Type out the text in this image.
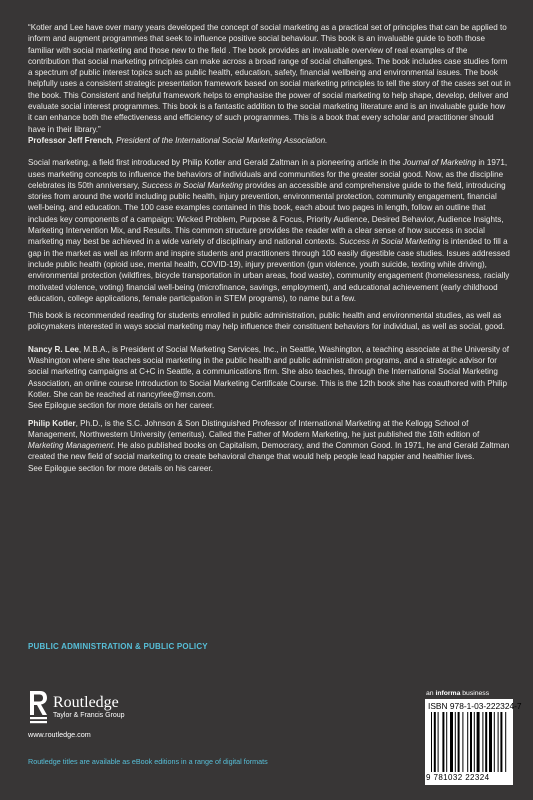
“Kotler and Lee have over many years developed the concept of social marketing as a practical set of principles that can be applied to inform and augment programmes that seek to influence positive social behaviour. This book is an invaluable guide to both those familiar with social marketing and those new to the field . The book provides an invaluable overview of real examples of the contribution that social marketing principles can make across a broad range of social challenges. The book includes case studies form a spectrum of public interest topics such as public health, education, safety, financial wellbeing and environmental issues. The book helpfully uses a consistent strategic presentation framework based on social marketing principles to tell the story of the cases set out in the book. This Consistent and helpful framework helps to emphasise the power of social marketing to help shape, develop, deliver and evaluate social interest programmes. This book is a fantastic addition to the social marketing literature and is an invaluable guide how it can enhance both the effectiveness and efficiency of such programmes. This is a book that every scholar and practitioner should have in their library.”
Professor Jeff French, President of the International Social Marketing Association.

Social marketing, a field first introduced by Philip Kotler and Gerald Zaltman in a pioneering article in the Journal of Marketing in 1971, uses marketing concepts to influence the behaviors of individuals and communities for the greater social good. Now, as the discipline celebrates its 50th anniversary, Success in Social Marketing provides an accessible and comprehensive guide to the field, introducing stories from around the world including public health, injury prevention, environmental protection, community engagement, financial well-being, and education. The 100 case examples contained in this book, each about two pages in length, follow an outline that includes key components of a campaign: Wicked Problem, Purpose & Focus, Priority Audience, Desired Behavior, Audience Insights, Marketing Intervention Mix, and Results. This common structure provides the reader with a clear sense of how success in social marketing may best be achieved in a wide variety of disciplinary and national contexts. Success in Social Marketing is intended to fill a gap in the market as well as inform and inspire students and practitioners through 100 easily digestible case studies. Issues addressed include public health (opioid use, mental health, COVID-19), injury prevention (gun violence, youth suicide, texting while driving), environmental protection (wildfires, bicycle transportation in urban areas, food waste), community engagement (homelessness, racially motivated violence, voting) financial well-being (microfinance, savings, employment), and educational achievement (early childhood education, college applications, female participation in STEM programs), to name but a few.

This book is recommended reading for students enrolled in public administration, public health and environmental studies, as well as policymakers interested in ways social marketing may help influence their constituent behaviors for individual, as well as social, good.

Nancy R. Lee, M.B.A., is President of Social Marketing Services, Inc., in Seattle, Washington, a teaching associate at the University of Washington where she teaches social marketing in the public health and public administration programs, and a strategic advisor for social marketing campaigns at C+C in Seattle, a communications firm. She also teaches, through the International Social Marketing Association, an online course Introduction to Social Marketing Certificate Course. This is the 12th book she has coauthored with Philip Kotler. She can be reached at nancyrlee@msn.com.
See Epilogue section for more details on her career.

Philip Kotler, Ph.D., is the S.C. Johnson & Son Distinguished Professor of International Marketing at the Kellogg School of Management, Northwestern University (emeritus). Called the Father of Modern Marketing, he just published the 16th edition of Marketing Management. He also published books on Capitalism, Democracy, and the Common Good. In 1971, he and Gerald Zaltman created the new field of social marketing to create behavioral change that would help people lead happier and healthier lives.
See Epilogue section for more details on his career.

PUBLIC ADMINISTRATION & PUBLIC POLICY
Routledge
Taylor & Francis Group
www.routledge.com
Routledge titles are available as eBook editions in a range of digital formats
an informa business
ISBN 978-1-03-222324-7
9 781032 22324
